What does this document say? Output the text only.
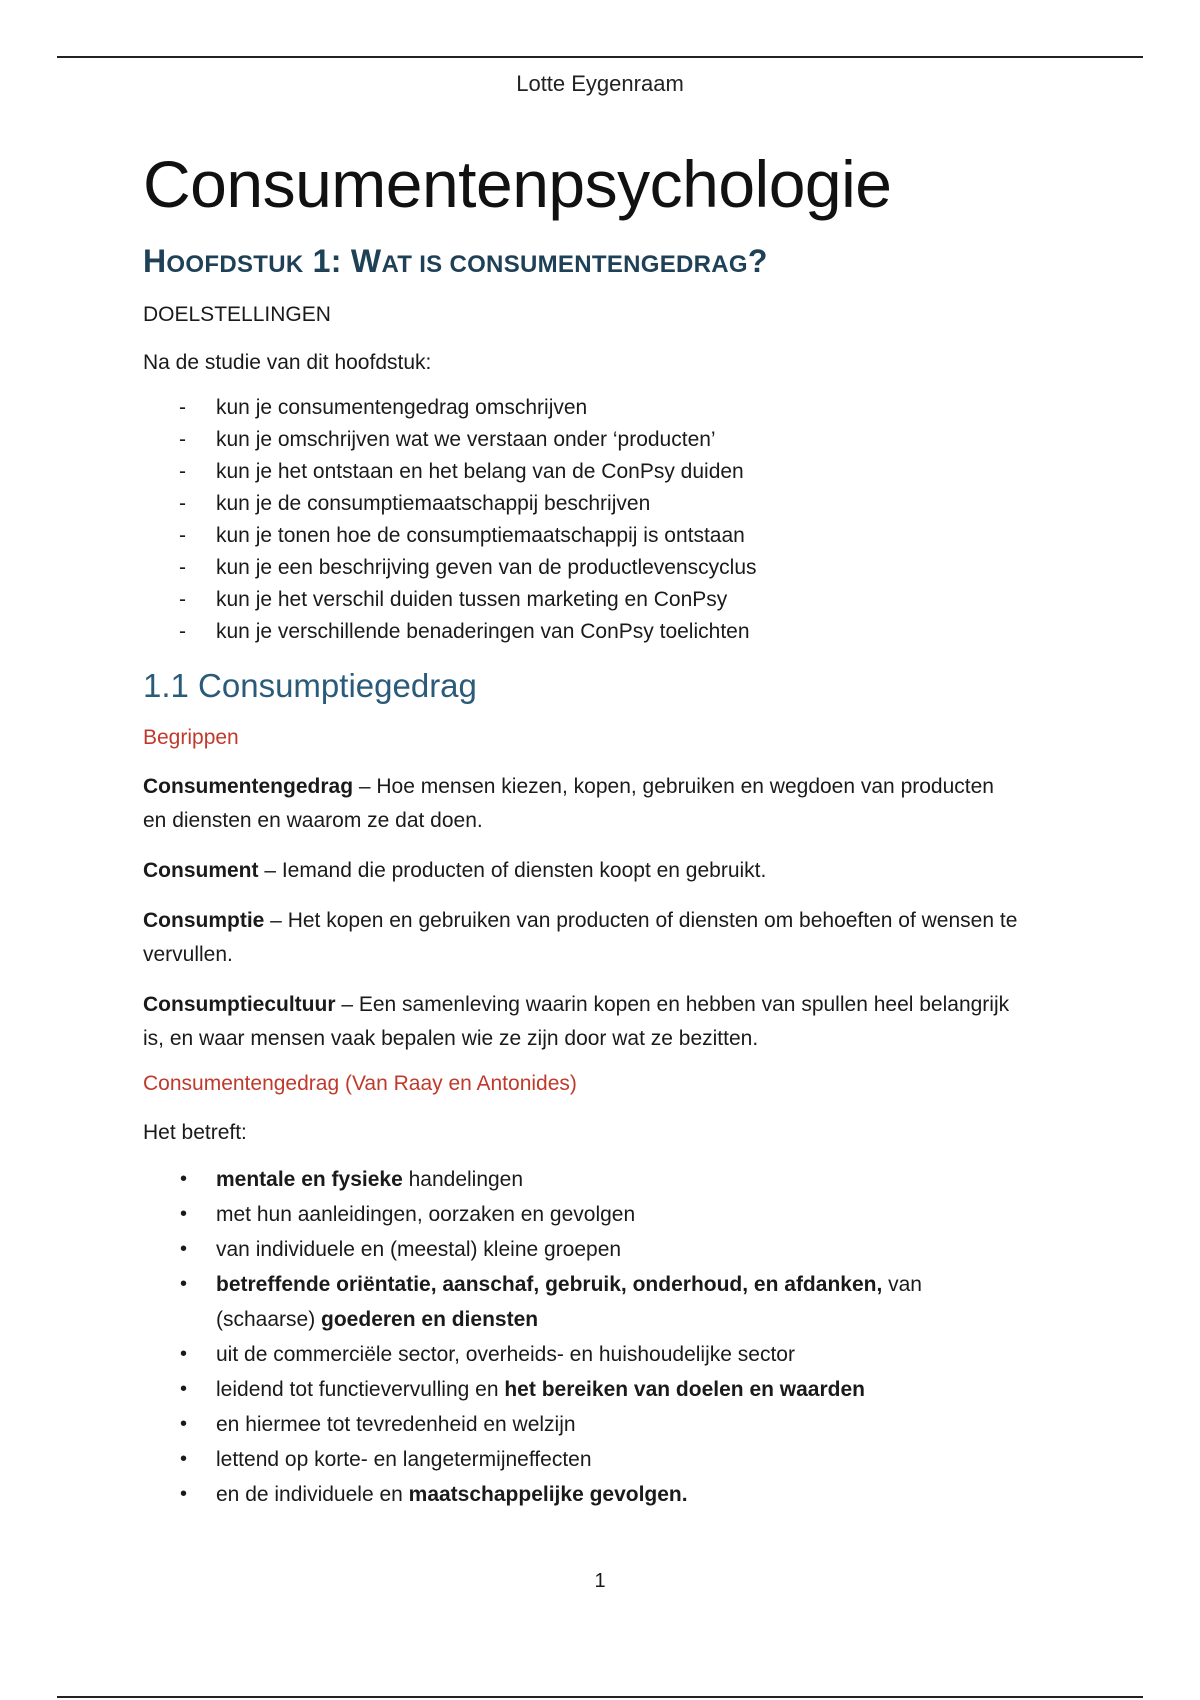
Lotte Eygenraam
Consumentenpsychologie
HOOFDSTUK 1: WAT IS CONSUMENTENGEDRAG?
DOELSTELLINGEN

Na de studie van dit hoofdstuk:

- kun je consumentengedrag omschrijven
- kun je omschrijven wat we verstaan onder ‘producten’
- kun je het ontstaan en het belang van de ConPsy duiden
- kun je de consumptiemaatschappij beschrijven
- kun je tonen hoe de consumptiemaatschappij is ontstaan
- kun je een beschrijving geven van de productlevenscyclus
- kun je het verschil duiden tussen marketing en ConPsy
- kun je verschillende benaderingen van ConPsy toelichten
1.1 Consumptiegedrag
Begrippen

Consumentengedrag – Hoe mensen kiezen, kopen, gebruiken en wegdoen van producten en diensten en waarom ze dat doen.

Consument – Iemand die producten of diensten koopt en gebruikt.

Consumptie – Het kopen en gebruiken van producten of diensten om behoeften of wensen te vervullen.

Consumptiecultuur – Een samenleving waarin kopen en hebben van spullen heel belangrijk is, en waar mensen vaak bepalen wie ze zijn door wat ze bezitten.

Consumentengedrag (Van Raay en Antonides)

Het betreft:

• mentale en fysieke handelingen
• met hun aanleidingen, oorzaken en gevolgen
• van individuele en (meestal) kleine groepen
• betreffende oriëntatie, aanschaf, gebruik, onderhoud, en afdanken, van (schaarse) goederen en diensten
• uit de commerciële sector, overheids- en huishoudelijke sector
• leidend tot functievervulling en het bereiken van doelen en waarden
• en hiermee tot tevredenheid en welzijn
• lettend op korte- en langetermijneffecten
• en de individuele en maatschappelijke gevolgen.
1
